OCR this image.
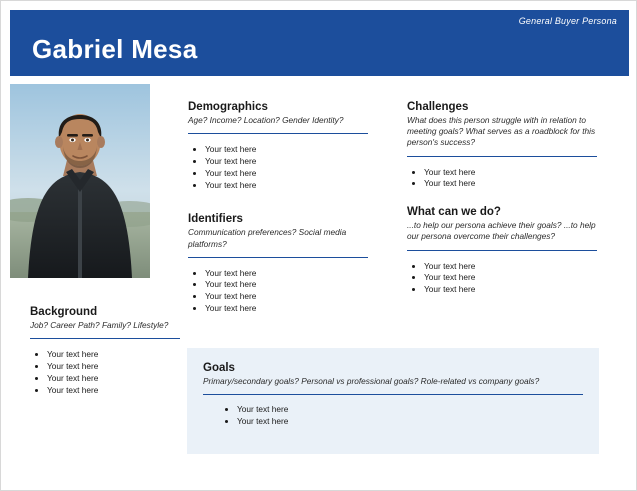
General Buyer Persona
Gabriel Mesa
Background
Job? Career Path? Family? Lifestyle?
• Your text here
• Your text here
• Your text here
• Your text here
Demographics
Age? Income? Location? Gender Identity?
• Your text here
• Your text here
• Your text here
• Your text here
Identifiers
Communication preferences? Social media platforms?
• Your text here
• Your text here
• Your text here
• Your text here
Challenges
What does this person struggle with in relation to meeting goals? What serves as a roadblock for this person's success?
• Your text here
• Your text here
What can we do?
...to help our persona achieve their goals? ...to help our persona overcome their challenges?
• Your text here
• Your text here
• Your text here
Goals
Primary/secondary goals? Personal vs professional goals? Role-related vs company goals?
• Your text here
• Your text here
